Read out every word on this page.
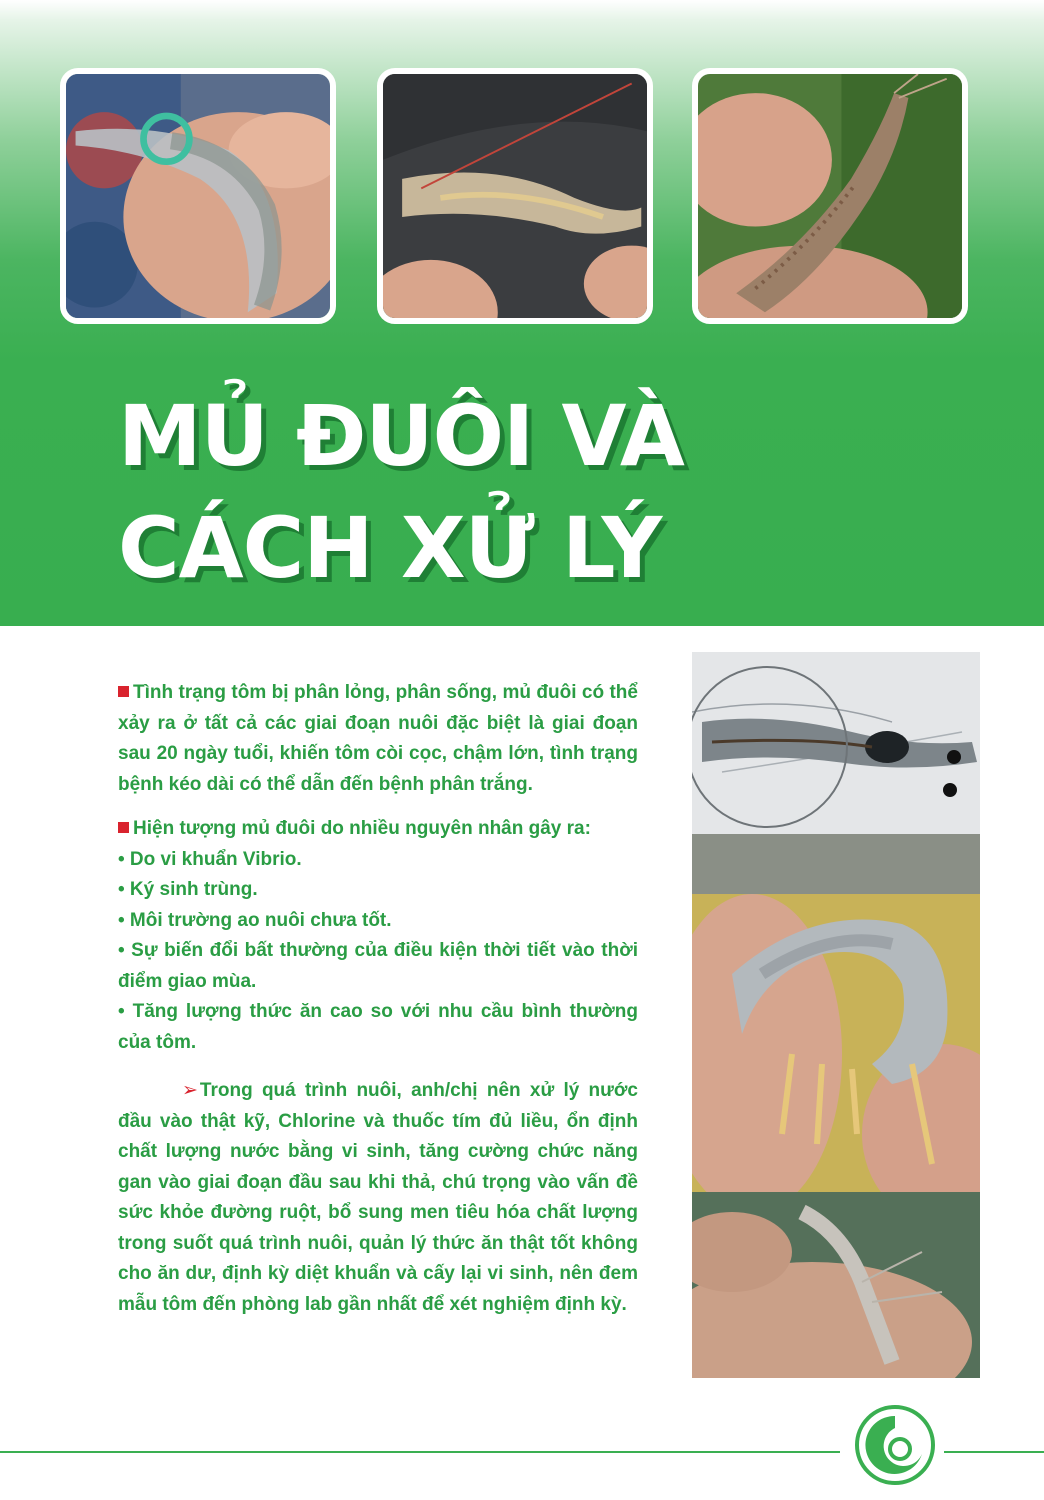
MỦ ĐUÔI VÀ
CÁCH XỬ LÝ

Tình trạng tôm bị phân lỏng, phân sống, mủ đuôi có thể xảy ra ở tất cả các giai đoạn nuôi đặc biệt là giai đoạn sau 20 ngày tuổi, khiến tôm còi cọc, chậm lớn, tình trạng bệnh kéo dài có thể dẫn đến bệnh phân trắng.

Hiện tượng mủ đuôi do nhiều nguyên nhân gây ra:
• Do vi khuẩn Vibrio.
• Ký sinh trùng.
• Môi trường ao nuôi chưa tốt.
• Sự biến đổi bất thường của điều kiện thời tiết vào thời điểm giao mùa.
• Tăng lượng thức ăn cao so với nhu cầu bình thường của tôm.

➢ Trong quá trình nuôi, anh/chị nên xử lý nước đầu vào thật kỹ, Chlorine và thuốc tím đủ liều, ổn định chất lượng nước bằng vi sinh, tăng cường chức năng gan vào giai đoạn đầu sau khi thả, chú trọng vào vấn đề sức khỏe đường ruột, bổ sung men tiêu hóa chất lượng trong suốt quá trình nuôi, quản lý thức ăn thật tốt không cho ăn dư, định kỳ diệt khuẩn và cấy lại vi sinh, nên đem mẫu tôm đến phòng lab gần nhất để xét nghiệm định kỳ.
